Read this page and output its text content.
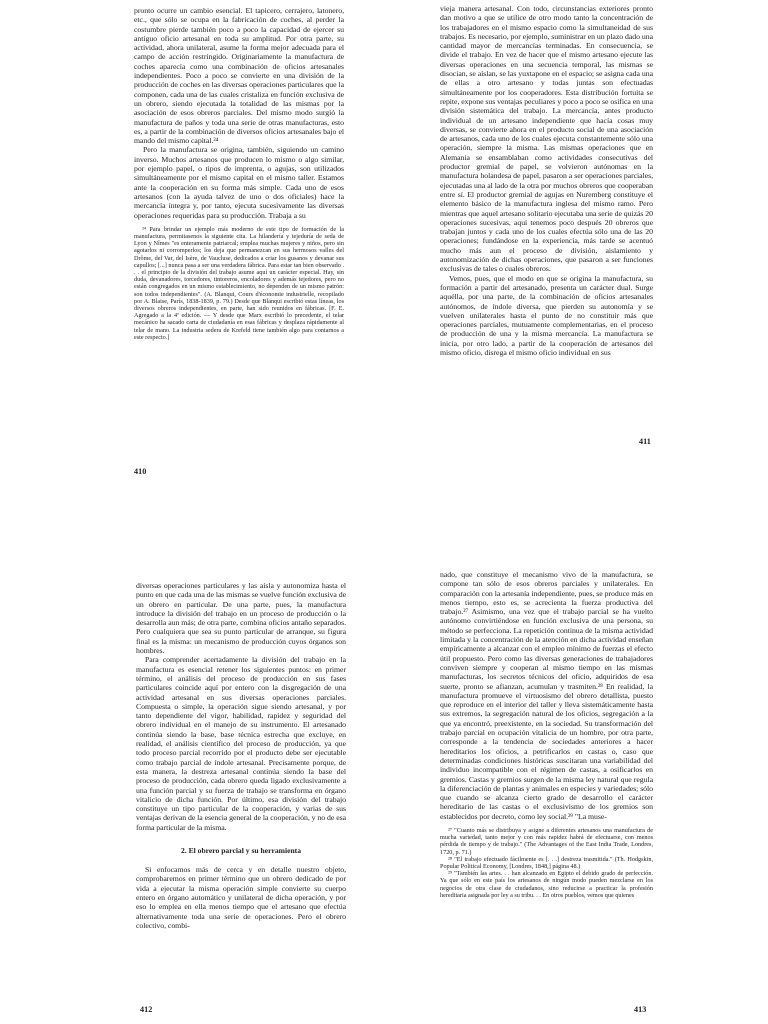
pronto ocurre un cambio esencial. El tapicero, cerrajero, latonero, etc., que sólo se ocupa en la fabricación de coches, al perder la costumbre pierde también poco a poco la capacidad de ejercer su antiguo oficio artesanal en toda su amplitud. Por otra parte, su actividad, ahora unilateral, asume la forma mejor adecuada para el campo de acción restringido. Originariamente la manufactura de coches aparecía como una combinación de oficios artesanales independientes. Poco a poco se convierte en una división de la producción de coches en las diversas operaciones particulares que la componen, cada una de las cuales cristaliza en función exclusiva de un obrero, siendo ejecutada la totalidad de las mismas por la asociación de esos obreros parciales. Del mismo modo surgió la manufactura de paños y toda una serie de otras manufacturas, esto es, a partir de la combinación de diversos oficios artesanales bajo el mando del mismo capital.²⁴

Pero la manufactura se origina, también, siguiendo un camino inverso. Muchos artesanos que producen lo mismo o algo similar, por ejemplo papel, o tipos de imprenta, o agujas, son utilizados simultáneamente por el mismo capital en el mismo taller. Estamos ante la cooperación en su forma más simple. Cada uno de esos artesanos (con la ayuda talvez de uno o dos oficiales) hace la mercancía íntegra y, por tanto, ejecuta sucesivamente las diversas operaciones requeridas para su producción. Trabaja a su

²⁴ Para brindar un ejemplo más moderno de este tipo de formación de la manufactura, permitasenos la siguiente cita. La hilandería y tejeduría de seda de Lyon y Nîmes "es enteramente patriarcal; emplea muchas mujeres y niños, pero sin agotarlos ni corromperlos; los deja que permanezcan en sus hermosos valles del Drôme, del Var, del Isère, de Vaucluse, dedicados a criar los gusanos y devanar sus capullos; [...] nunca pasa a ser una verdadera fábrica. Para estar tan bien observado . . . el principio de la división del trabajo asume aquí un carácter especial. Hay, sin duda, devanadores, torcedores, tintoreros, encoladores y además tejedores, pero no están congregados en un mismo establecimiento, no dependen de un mismo patrón: son todos independientes". (A. Blanqui, Cours d'économie industrielle, recopilado por A. Blaise, París, 1838-1839, p. 79.) Desde que Blanqui escribió estas líneas, los diversos obreros independientes, en parte, han sido reunidos en fábricas. [F. E. Agregado a la 4ª edición. — Y desde que Marx escribió lo precedente, el telar mecánico ha sacado carta de ciudadanía en esas fábricas y desplaza rápidamente al telar de mano. La industria sedera de Krefeld tiene también algo para contarnos a este respecto.]

410

vieja manera artesanal. Con todo, circunstancias exteriores pronto dan motivo a que se utilice de otro modo tanto la concentración de los trabajadores en el mismo espacio como la simultaneidad de sus trabajos. Es necesario, por ejemplo, suministrar en un plazo dado una cantidad mayor de mercancías terminadas. En consecuencia, se divide el trabajo. En vez de hacer que el mismo artesano ejecute las diversas operaciones en una secuencia temporal, las mismas se disocian, se aíslan, se las yuxtapone en el espacio; se asigna cada una de ellas a otro artesano y todas juntas son efectuadas simultáneamente por los cooperadores. Esta distribución fortuita se repite, expone sus ventajas peculiares y poco a poco se osifica en una división sistemática del trabajo. La mercancía, antes producto individual de un artesano independiente que hacía cosas muy diversas, se convierte ahora en el producto social de una asociación de artesanos, cada uno de los cuales ejecuta constantemente sólo una operación, siempre la misma. Las mismas operaciones que en Alemania se ensamblaban como actividades consecutivas del productor gremial de papel, se volvieron autónomas en la manufactura holandesa de papel, pasaron a ser operaciones parciales, ejecutadas una al lado de la otra por muchos obreros que cooperaban entre sí. El productor gremial de agujas en Nuremberg constituye el elemento básico de la manufactura inglesa del mismo ramo. Pero mientras que aquel artesano solitario ejecutaba una serie de quizás 20 operaciones sucesivas, aquí tenemos poco después 20 obreros que trabajan juntos y cada uno de los cuales efectúa sólo una de las 20 operaciones; fundándose en la experiencia, más tarde se acentuó mucho más aun el proceso de división, aislamiento y autonomización de dichas operaciones, que pasaron a ser funciones exclusivas de tales o cuales obreros.

Vemos, pues, que el modo en que se origina la manufactura, su formación a partir del artesanado, presenta un carácter dual. Surge aquélla, por una parte, de la combinación de oficios artesanales autónomos, de índole diversa, que pierden su autonomía y se vuelven unilaterales hasta el punto de no constituir más que operaciones parciales, mutuamente complementarias, en el proceso de producción de una y la misma mercancía. La manufactura se inicia, por otro lado, a partir de la cooperación de artesanos del mismo oficio, disrega el mismo oficio individual en sus

411

diversas operaciones particulares y las aísla y autonomiza hasta el punto en que cada una de las mismas se vuelve función exclusiva de un obrero en particular. De una parte, pues, la manufactura introduce la división del trabajo en un proceso de producción o la desarrolla aun más; de otra parte, combina oficios antaño separados. Pero cualquiera que sea su punto particular de arranque, su figura final es la misma: un mecanismo de producción cuyos órganos son hombres.

Para comprender acertadamente la división del trabajo en la manufactura es esencial retener los siguientes puntos: en primer término, el análisis del proceso de producción en sus fases particulares coincide aquí por entero con la disgregación de una actividad artesanal en sus diversas operaciones parciales. Compuesta o simple, la operación sigue siendo artesanal, y por tanto dependiente del vigor, habilidad, rapidez y seguridad del obrero individual en el manejo de su instrumento. El artesanado continúa siendo la base, base técnica estrecha que excluye, en realidad, el análisis científico del proceso de producción, ya que todo proceso parcial recorrido por el producto debe ser ejecutable como trabajo parcial de índole artesanal. Precisamente porque, de esta manera, la destreza artesanal continúa siendo la base del proceso de producción, cada obrero queda ligado exclusivamente a una función parcial y su fuerza de trabajo se transforma en órgano vitalicio de dicha función. Por último, esa división del trabajo constituye un tipo particular de la cooperación, y varias de sus ventajas derivan de la esencia general de la cooperación, y no de esa forma particular de la misma.

2. El obrero parcial y su herramienta

Si enfocamos más de cerca y en detalle nuestro objeto, comprobaremos en primer término que un obrero dedicado de por vida a ejecutar la misma operación simple convierte su cuerpo entero en órgano automático y unilateral de dicha operación, y por eso lo emplea en ella menos tiempo que el artesano que efectúa alternativamente toda una serie de operaciones. Pero el obrero colectivo, combi-

412

nado, que constituye el mecanismo vivo de la manufactura, se compone tan sólo de esos obreros parciales y unilaterales. En comparación con la artesanía independiente, pues, se produce más en menos tiempo, esto es, se acrecienta la fuerza productiva del trabajo.²⁷ Asimismo, una vez que el trabajo parcial se ha vuelto autónomo convirtiéndose en función exclusiva de una persona, su método se perfecciona. La repetición continua de la misma actividad limitada y la concentración de la atención en dicha actividad enseñan empíricamente a alcanzar con el empleo mínimo de fuerzas el efecto útil propuesto. Pero como las diversas generaciones de trabajadores conviven siempre y cooperan al mismo tiempo en las mismas manufacturas, los secretos técnicos del oficio, adquiridos de esa suerte, pronto se afianzan, acumulan y trasmiten.²⁸ En realidad, la manufactura promueve el virtuosismo del obrero detallista, puesto que reproduce en el interior del taller y lleva sistemáticamente hasta sus extremos, la segregación natural de los oficios, segregación a la que ya encontró, preexistente, en la sociedad. Su transformación del trabajo parcial en ocupación vitalicia de un hombre, por otra parte, corresponde a la tendencia de sociedades anteriores a hacer hereditarios los oficios, a petrificarlos en castas o, caso que determinadas condiciones históricas suscitaran una variabilidad del individuo incompatible con el régimen de castas, a osificarlos en gremios. Castas y gremios surgen de la misma ley natural que regula la diferenciación de plantas y animales en especies y variedades; sólo que cuando se alcanza cierto grado de desarrollo el carácter hereditario de las castas o el exclusivismo de los gremios son establecidos por decreto, como ley social.²⁹ "La muse-

²⁷ "Cuanto más se distribuya y asigne a diferentes artesanos una manufactura de mucha variedad, tanto mejor y con más rapidez habrá de efectuarse, con menos pérdida de tiempo y de trabajo." (The Advantages of the East India Trade, Londres, 1720, p. 71.)

²⁸ "El trabajo efectuado fácilmente es [. . .] destreza trasmitida." (Th. Hodgskin, Popular Political Economy, [Londres, 1848,] página 48.)

²⁹ "También las artes. . . han alcanzado en Egipto el debido grado de perfección. Ya que sólo en este país los artesanos de ningún modo pueden mezclarse en los negocios de otra clase de ciudadanos, sino reducirse a practicar la profesión hereditaria asignada por ley a su tribu. . . En otros pueblos, vemos que quienes

413
